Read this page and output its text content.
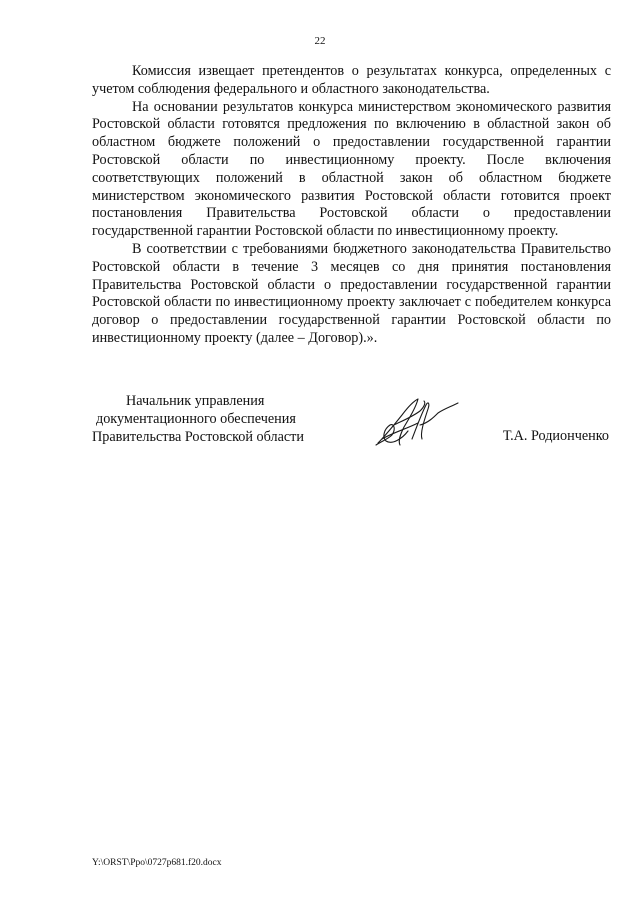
22

Комиссия извещает претендентов о результатах конкурса, определенных с учетом соблюдения федерального и областного законодательства.

На основании результатов конкурса министерством экономического развития Ростовской области готовятся предложения по включению в областной закон об областном бюджете положений о предоставлении государственной гарантии Ростовской области по инвестиционному проекту. После включения соответствующих положений в областной закон об областном бюджете министерством экономического развития Ростовской области готовится проект постановления Правительства Ростовской области о предоставлении государственной гарантии Ростовской области по инвестиционному проекту.

В соответствии с требованиями бюджетного законодательства Правительство Ростовской области в течение 3 месяцев со дня принятия постановления Правительства Ростовской области о предоставлении государственной гарантии Ростовской области по инвестиционному проекту заключает с победителем конкурса договор о предоставлении государственной гарантии Ростовской области по инвестиционному проекту (далее – Договор).».

Начальник управления
документационного обеспечения
Правительства Ростовской области	Т.А. Родионченко
Y:\ORST\Ppo\0727p681.f20.docx
